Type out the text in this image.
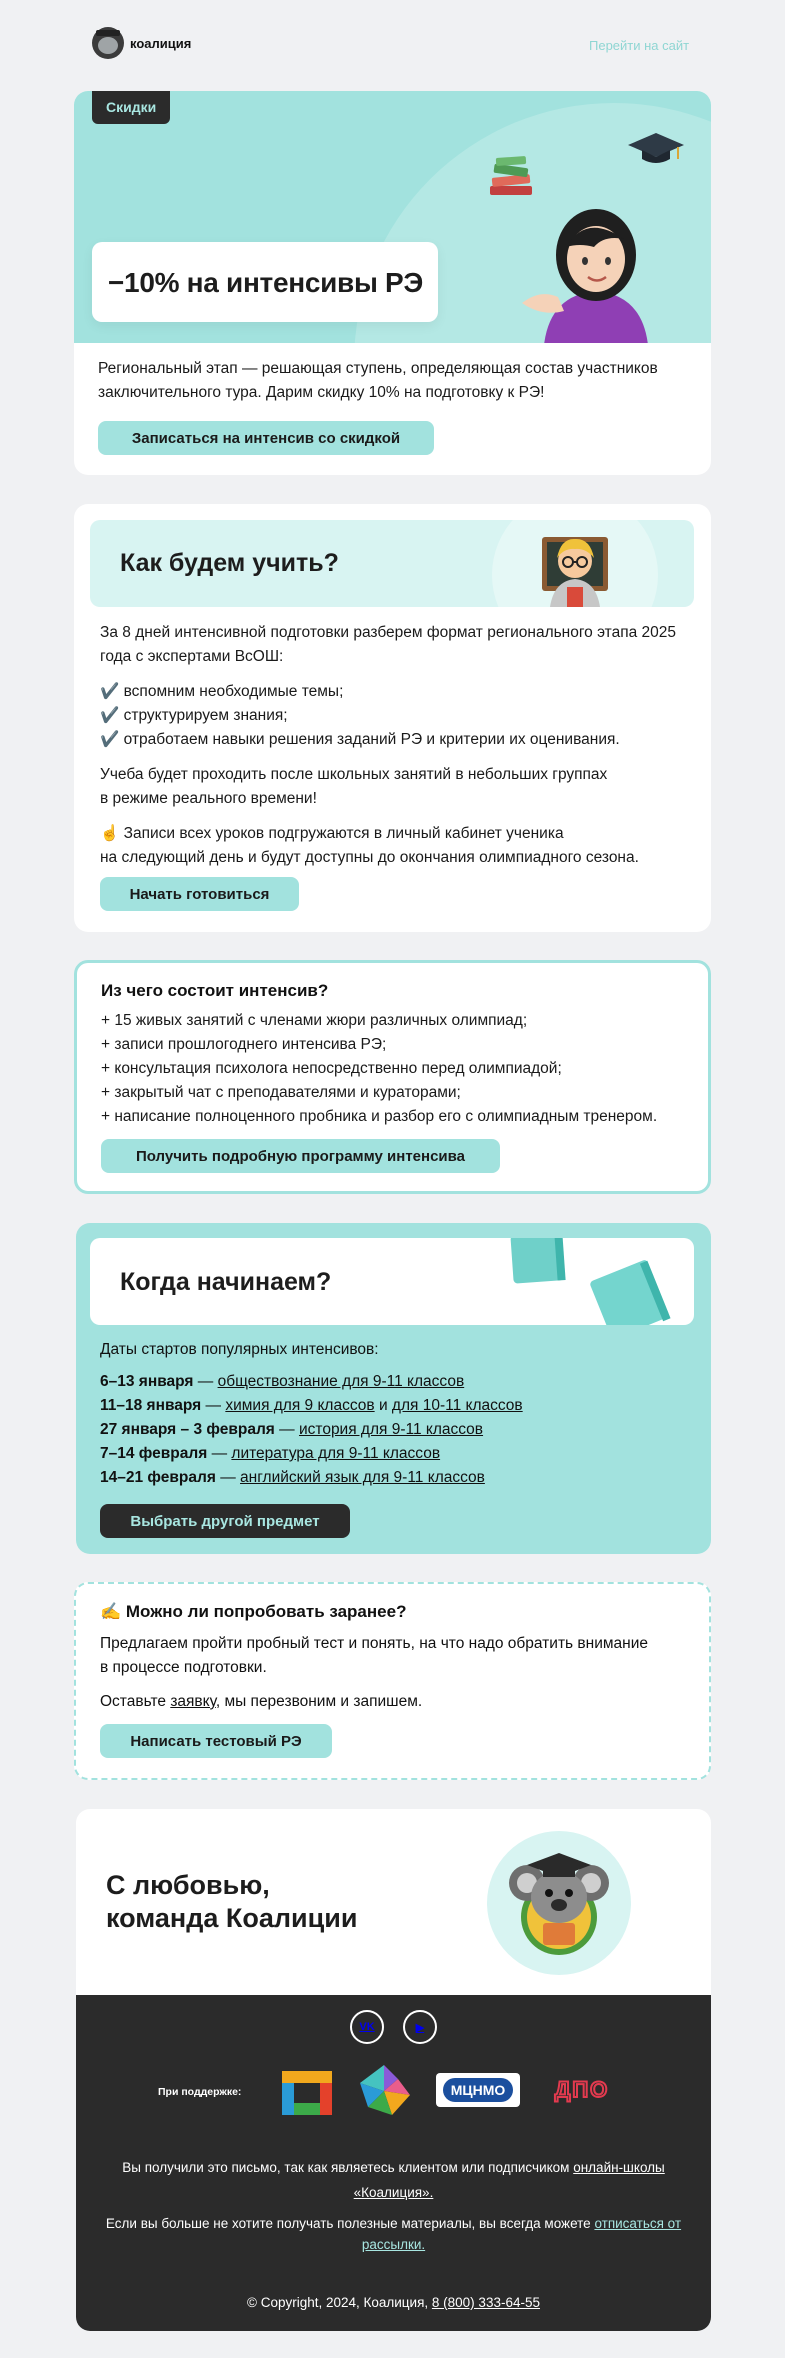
коалиция	Перейти на сайт
Скидки
−10% на интенсивы РЭ

Региональный этап — решающая ступень, определяющая состав участников заключительного тура. Дарим скидку 10% на подготовку к РЭ!

Записаться на интенсив со скидкой
Как будем учить?

За 8 дней интенсивной подготовки разберем формат регионального этапа 2025 года с экспертами ВсОШ:

✔️ вспомним необходимые темы;
✔️ структурируем знания;
✔️ отработаем навыки решения заданий РЭ и критерии их оценивания.

Учеба будет проходить после школьных занятий в небольших группах
в режиме реального времени!

☝️ Записи всех уроков подгружаются в личный кабинет ученика
на следующий день и будут доступны до окончания олимпиадного сезона.

Начать готовиться
Из чего состоит интенсив?
+ 15 живых занятий с членами жюри различных олимпиад;
+ записи прошлогоднего интенсива РЭ;
+ консультация психолога непосредственно перед олимпиадой;
+ закрытый чат с преподавателями и кураторами;
+ написание полноценного пробника и разбор его с олимпиадным тренером.
Получить подробную программу интенсива
Когда начинаем?
Даты стартов популярных интенсивов:
6–13 января — обществознание для 9-11 классов
11–18 января — химия для 9 классов и для 10-11 классов
27 января – 3 февраля — история для 9-11 классов
7–14 февраля — литература для 9-11 классов
14–21 февраля — английский язык для 9-11 классов
Выбрать другой предмет
✍️ Можно ли попробовать заранее?

Предлагаем пройти пробный тест и понять, на что надо обратить внимание
в процессе подготовки.

Оставьте заявку, мы перезвоним и запишем.

Написать тестовый РЭ
С любовью,
команда Коалиции
VK	▶
При поддержке:	МЦНМО	ДПО

Вы получили это письмо, так как являетесь клиентом или подписчиком онлайн-школы «Коалиция».

Если вы больше не хотите получать полезные материалы, вы всегда можете отписаться от рассылки.

© Copyright, 2024, Коалиция, 8 (800) 333-64-55
